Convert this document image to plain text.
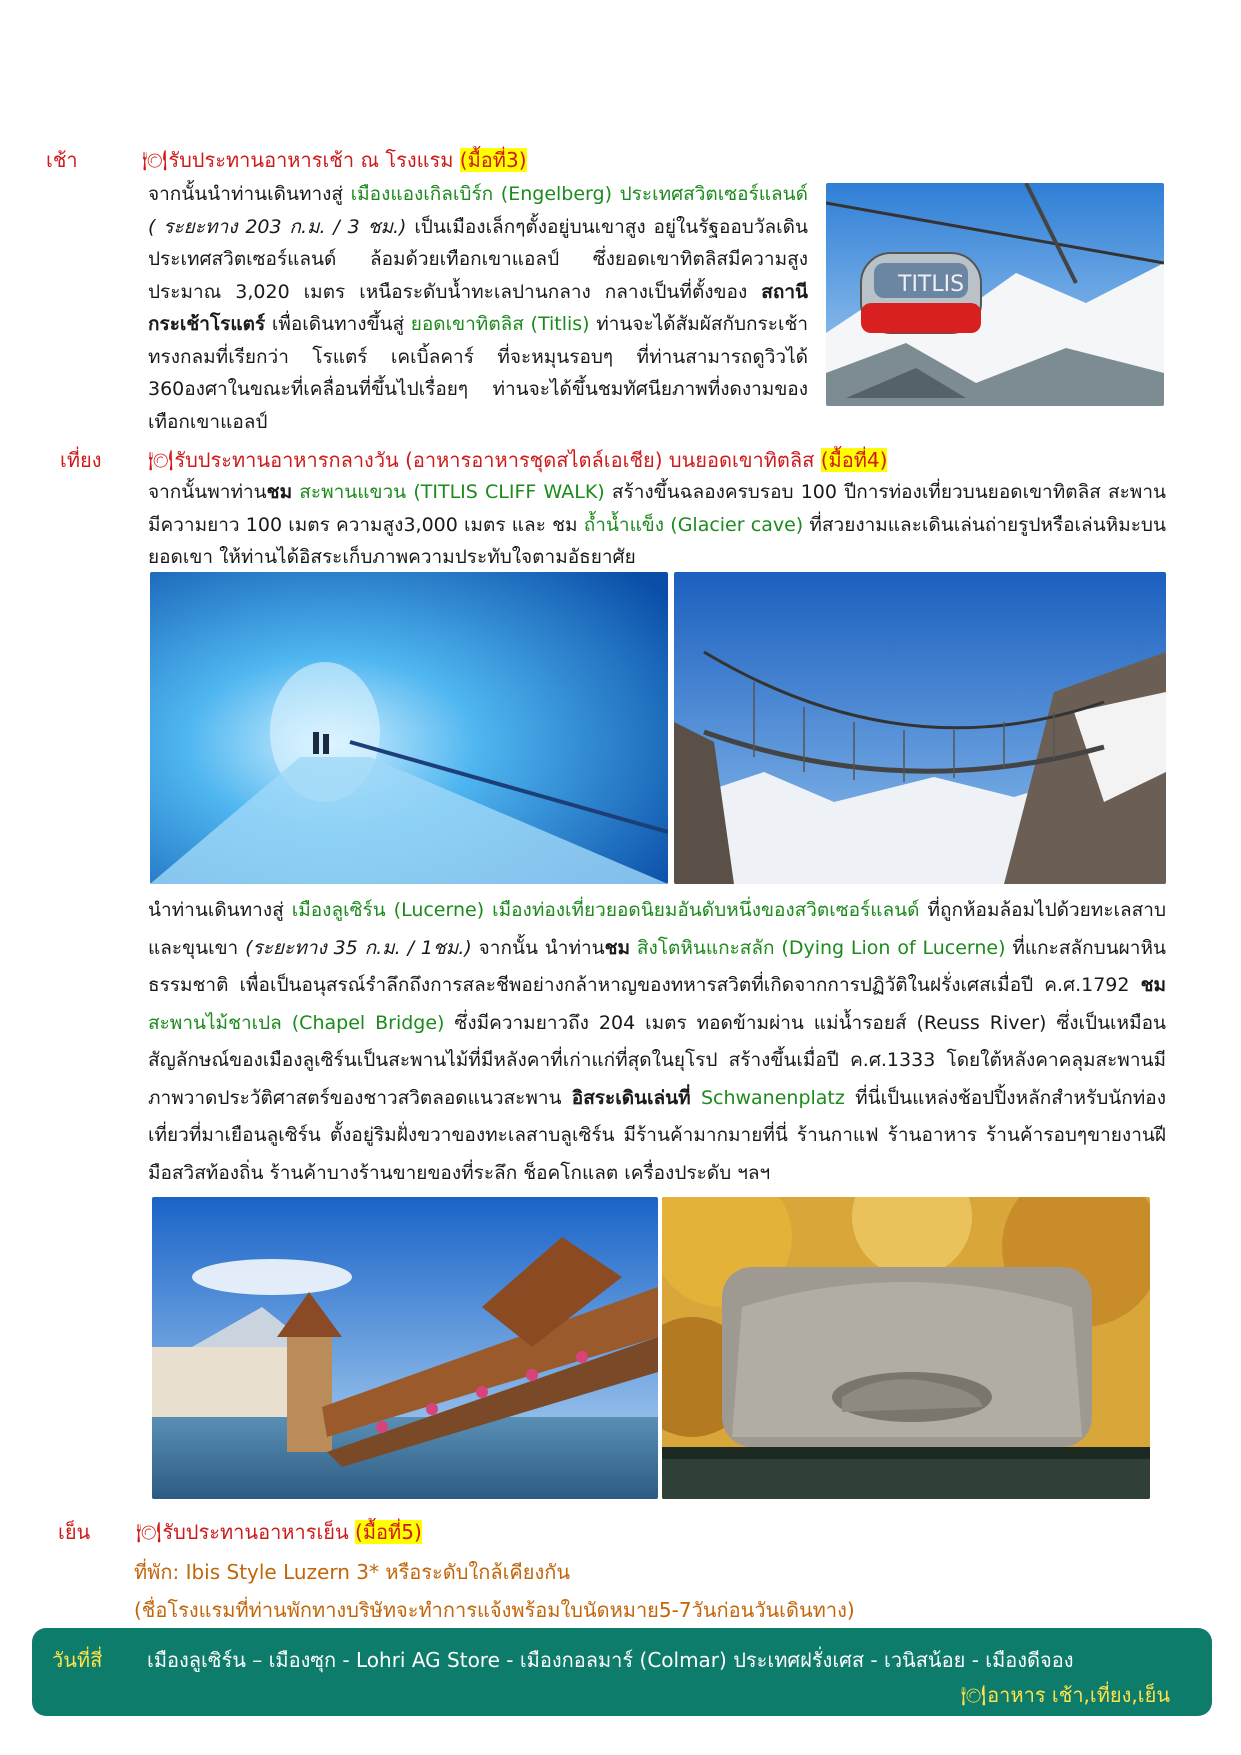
เช้า	🍽 รับประทานอาหารเช้า ณ โรงแรม (มื้อที่3)
จากนั้นนำท่านเดินทางสู่ เมืองแองเกิลเบิร์ก (Engelberg) ประเทศสวิตเซอร์แลนด์ ( ระยะทาง 203 ก.ม. / 3 ชม.) เป็นเมืองเล็กๆตั้งอยู่บนเขาสูง อยู่ในรัฐออบวัลเดิน ประเทศสวิตเซอร์แลนด์ ล้อมด้วยเทือกเขาแอลป์ ซึ่งยอดเขาทิตลิสมีความสูงประมาณ 3,020 เมตร เหนือระดับน้ำทะเลปานกลาง กลางเป็นที่ตั้งของ สถานีกระเช้าโรแตร์ เพื่อเดินทางขึ้นสู่ ยอดเขาทิตลิส (Titlis) ท่านจะได้สัมผัสกับกระเช้าทรงกลมที่เรียกว่า โรแตร์ เคเบิ้ลคาร์ ที่จะหมุนรอบๆ ที่ท่านสามารถดูวิวได้ 360องศาในขณะที่เคลื่อนที่ขึ้นไปเรื่อยๆ ท่านจะได้ขึ้นชมทัศนียภาพที่งดงามของเทือกเขาแอลป์
TITLIS
เที่ยง 🍽 รับประทานอาหารกลางวัน (อาหารอาหารชุดสไตล์เอเชีย) บนยอดเขาทิตลิส (มื้อที่4)
จากนั้นพาท่านชม สะพานแขวน (TITLIS CLIFF WALK) สร้างขึ้นฉลองครบรอบ 100 ปีการท่องเที่ยวบนยอดเขาทิตลิส สะพานมีความยาว 100 เมตร ความสูง3,000 เมตร และ ชม ถ้ำน้ำแข็ง (Glacier cave) ที่สวยงามและเดินเล่นถ่ายรูปหรือเล่นหิมะบนยอดเขา ให้ท่านได้อิสระเก็บภาพความประทับใจตามอัธยาศัย
นำท่านเดินทางสู่ เมืองลูเซิร์น (Lucerne) เมืองท่องเที่ยวยอดนิยมอันดับหนึ่งของสวิตเซอร์แลนด์ ที่ถูกห้อมล้อมไปด้วยทะเลสาบและขุนเขา (ระยะทาง 35 ก.ม. / 1ชม.) จากนั้น นำท่านชม สิงโตหินแกะสลัก (Dying Lion of Lucerne) ที่แกะสลักบนผาหินธรรมชาติ เพื่อเป็นอนุสรณ์รำลึกถึงการสละชีพอย่างกล้าหาญของทหารสวิตที่เกิดจากการปฏิวัติในฝรั่งเศสเมื่อปี ค.ศ.1792 ชม สะพานไม้ชาเปล (Chapel Bridge) ซึ่งมีความยาวถึง 204 เมตร ทอดข้ามผ่าน แม่น้ำรอยส์ (Reuss River) ซึ่งเป็นเหมือนสัญลักษณ์ของเมืองลูเซิร์นเป็นสะพานไม้ที่มีหลังคาที่เก่าแก่ที่สุดในยุโรป สร้างขึ้นเมื่อปี ค.ศ.1333 โดยใต้หลังคาคลุมสะพานมีภาพวาดประวัติศาสตร์ของชาวสวิตลอดแนวสะพาน อิสระเดินเล่นที่ Schwanenplatz ที่นี่เป็นแหล่งช้อปปิ้งหลักสำหรับนักท่องเที่ยวที่มาเยือนลูเซิร์น ตั้งอยู่ริมฝั่งขวาของทะเลสาบลูเซิร์น มีร้านค้ามากมายที่นี่ ร้านกาแฟ ร้านอาหาร ร้านค้ารอบๆขายงานฝีมือสวิสท้องถิ่น ร้านค้าบางร้านขายของที่ระลึก ช็อคโกแลต เครื่องประดับ ฯลฯ
เย็น 🍽 รับประทานอาหารเย็น (มื้อที่5)
ที่พัก: Ibis Style Luzern 3* หรือระดับใกล้เคียงกัน
(ชื่อโรงแรมที่ท่านพักทางบริษัทจะทำการแจ้งพร้อมใบนัดหมาย5-7วันก่อนวันเดินทาง)
วันที่สี่ เมืองลูเซิร์น – เมืองซุก - Lohri AG Store - เมืองกอลมาร์ (Colmar) ประเทศฝรั่งเศส - เวนิสน้อย - เมืองดีจอง
🍽 อาหาร เช้า,เที่ยง,เย็น
